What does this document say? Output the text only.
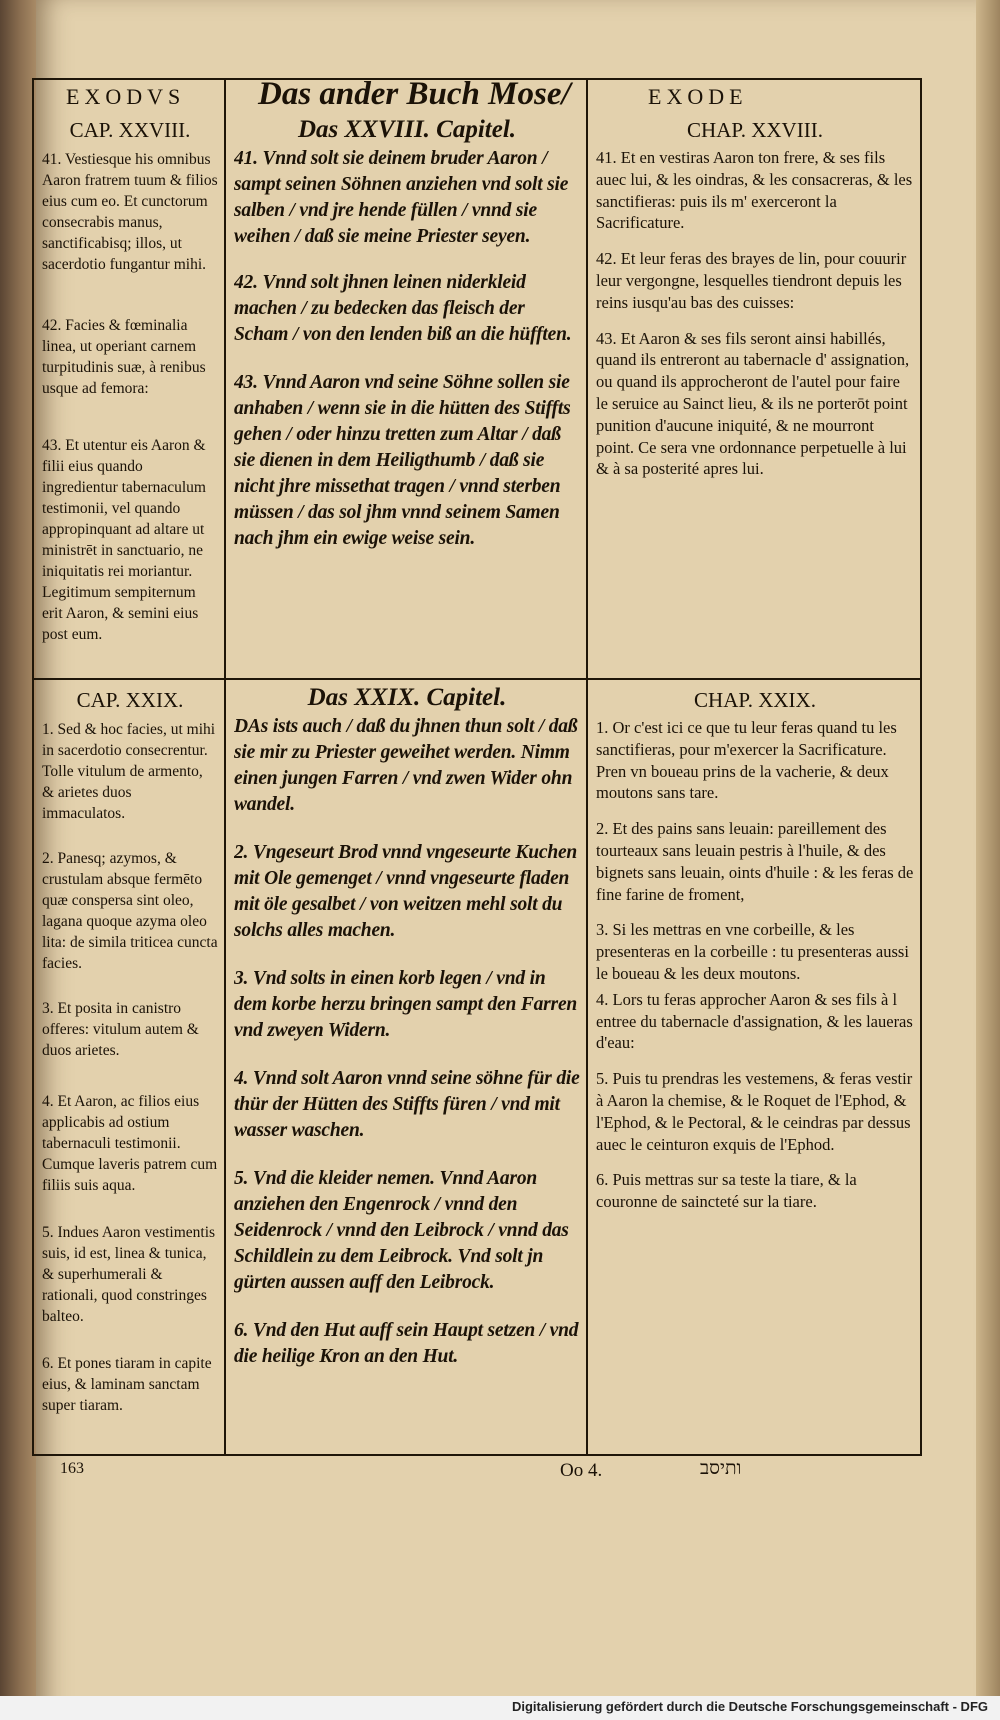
EXODVS Das ander Buch Mose/	EXODE

CAP. XXVIII.

41. Vestiesque his omnibus Aaron fratrem tuum & filios eius cum eo. Et cunctorum consecrabis manus, sanctificabisq; illos, ut sacerdotio fungantur mihi.

42. Facies & fœminalia linea, ut operiant carnem turpitudinis suæ, à renibus usque ad femora:

43. Et utentur eis Aaron & filii eius quando ingredientur tabernaculum testimonii, vel quando appropinquant ad altare ut ministrēt in sanctuario, ne iniquitatis rei moriantur. Legitimum sempiternum erit Aaron, & semini eius post eum.

CAP. XXIX.

1. Sed & hoc facies, ut mihi in sacerdotio consecrentur. Tolle vitulum de armento, & arietes duos immaculatos.

2. Panesq; azymos, & crustulam absque fermēto quæ conspersa sint oleo, lagana quoque azyma oleo lita: de simila triticea cuncta facies.

3. Et posita in canistro offeres: vitulum autem & duos arietes.

4. Et Aaron, ac filios eius applicabis ad ostium tabernaculi testimonii. Cumque laveris patrem cum filiis suis aqua.

5. Indues Aaron vestimentis suis, id est, linea & tunica, & superhumerali & rationali, quod constringes balteo.

6. Et pones tiaram in capite eius, & laminam sanctam super tiaram.

Das XXVIII. Capitel.

41. Vnnd solt sie deinem bruder Aaron / sampt seinen Söhnen anziehen vnd solt sie salben / vnd jre hende füllen / vnnd sie weihen / daß sie meine Priester seyen.

42. Vnnd solt jhnen leinen niderkleid machen / zu bedecken das fleisch der Scham / von den lenden biß an die hüfften.

43. Vnnd Aaron vnd seine Söhne sollen sie anhaben / wenn sie in die hütten des Stiffts gehen / oder hinzu tretten zum Altar / daß sie dienen in dem Heiligthumb / daß sie nicht jhre missethat tragen / vnnd sterben müssen / das sol jhm vnnd seinem Samen nach jhm ein ewige weise sein.

Das XXIX. Capitel.

DAs ists auch / daß du jhnen thun solt / daß sie mir zu Priester geweihet werden. Nimm einen jungen Farren / vnd zwen Wider ohn wandel.

2. Vngeseurt Brod vnnd vngeseurte Kuchen mit Ole gemenget / vnnd vngeseurte fladen mit öle gesalbet / von weitzen mehl solt du solchs alles machen.

3. Vnd solts in einen korb legen / vnd in dem korbe herzu bringen sampt den Farren vnd zweyen Widern.

4. Vnnd solt Aaron vnnd seine söhne für die thür der Hütten des Stiffts füren / vnd mit wasser waschen.

5. Vnd die kleider nemen. Vnnd Aaron anziehen den Engenrock / vnnd den Seidenrock / vnnd den Leibrock / vnnd das Schildlein zu dem Leibrock. Vnd solt jn gürten aussen auff den Leibrock.

6. Vnd den Hut auff sein Haupt setzen / vnd die heilige Kron an den Hut.

CHAP. XXVIII.

41. Et en vestiras Aaron ton frere, & ses fils auec lui, & les oindras, & les consacreras, & les sanctifieras: puis ils m' exerceront la Sacrificature.

42. Et leur feras des brayes de lin, pour couurir leur vergongne, lesquelles tiendront depuis les reins iusqu'au bas des cuisses:

43. Et Aaron & ses fils seront ainsi habillés, quand ils entreront au tabernacle d' assignation, ou quand ils approcheront de l'autel pour faire le seruice au Sainct lieu, & ils ne porterōt point punition d'aucune iniquité, & ne mourront point. Ce sera vne ordonnance perpetuelle à lui & à sa posterité apres lui.

CHAP. XXIX.

1. Or c'est ici ce que tu leur feras quand tu les sanctifieras, pour m'exercer la Sacrificature. Pren vn boueau prins de la vacherie, & deux moutons sans tare.

2. Et des pains sans leuain: pareillement des tourteaux sans leuain pestris à l'huile, & des bignets sans leuain, oints d'huile : & les feras de fine farine de froment,

3. Si les mettras en vne corbeille, & les presenteras en la corbeille : tu presenteras aussi le boueau & les deux moutons.

4. Lors tu feras approcher Aaron & ses fils à l entree du tabernacle d'assignation, & les laueras d'eau:

5. Puis tu prendras les vestemens, & feras vestir à Aaron la chemise, & le Roquet de l'Ephod, & l'Ephod, & le Pectoral, & le ceindras par dessus auec le ceinturon exquis de l'Ephod.

6. Puis mettras sur sa teste la tiare, & la couronne de saincteté sur la tiare.

163	Oo 4.	ותיסב
Digitalisierung gefördert durch die Deutsche Forschungsgemeinschaft - DFG
